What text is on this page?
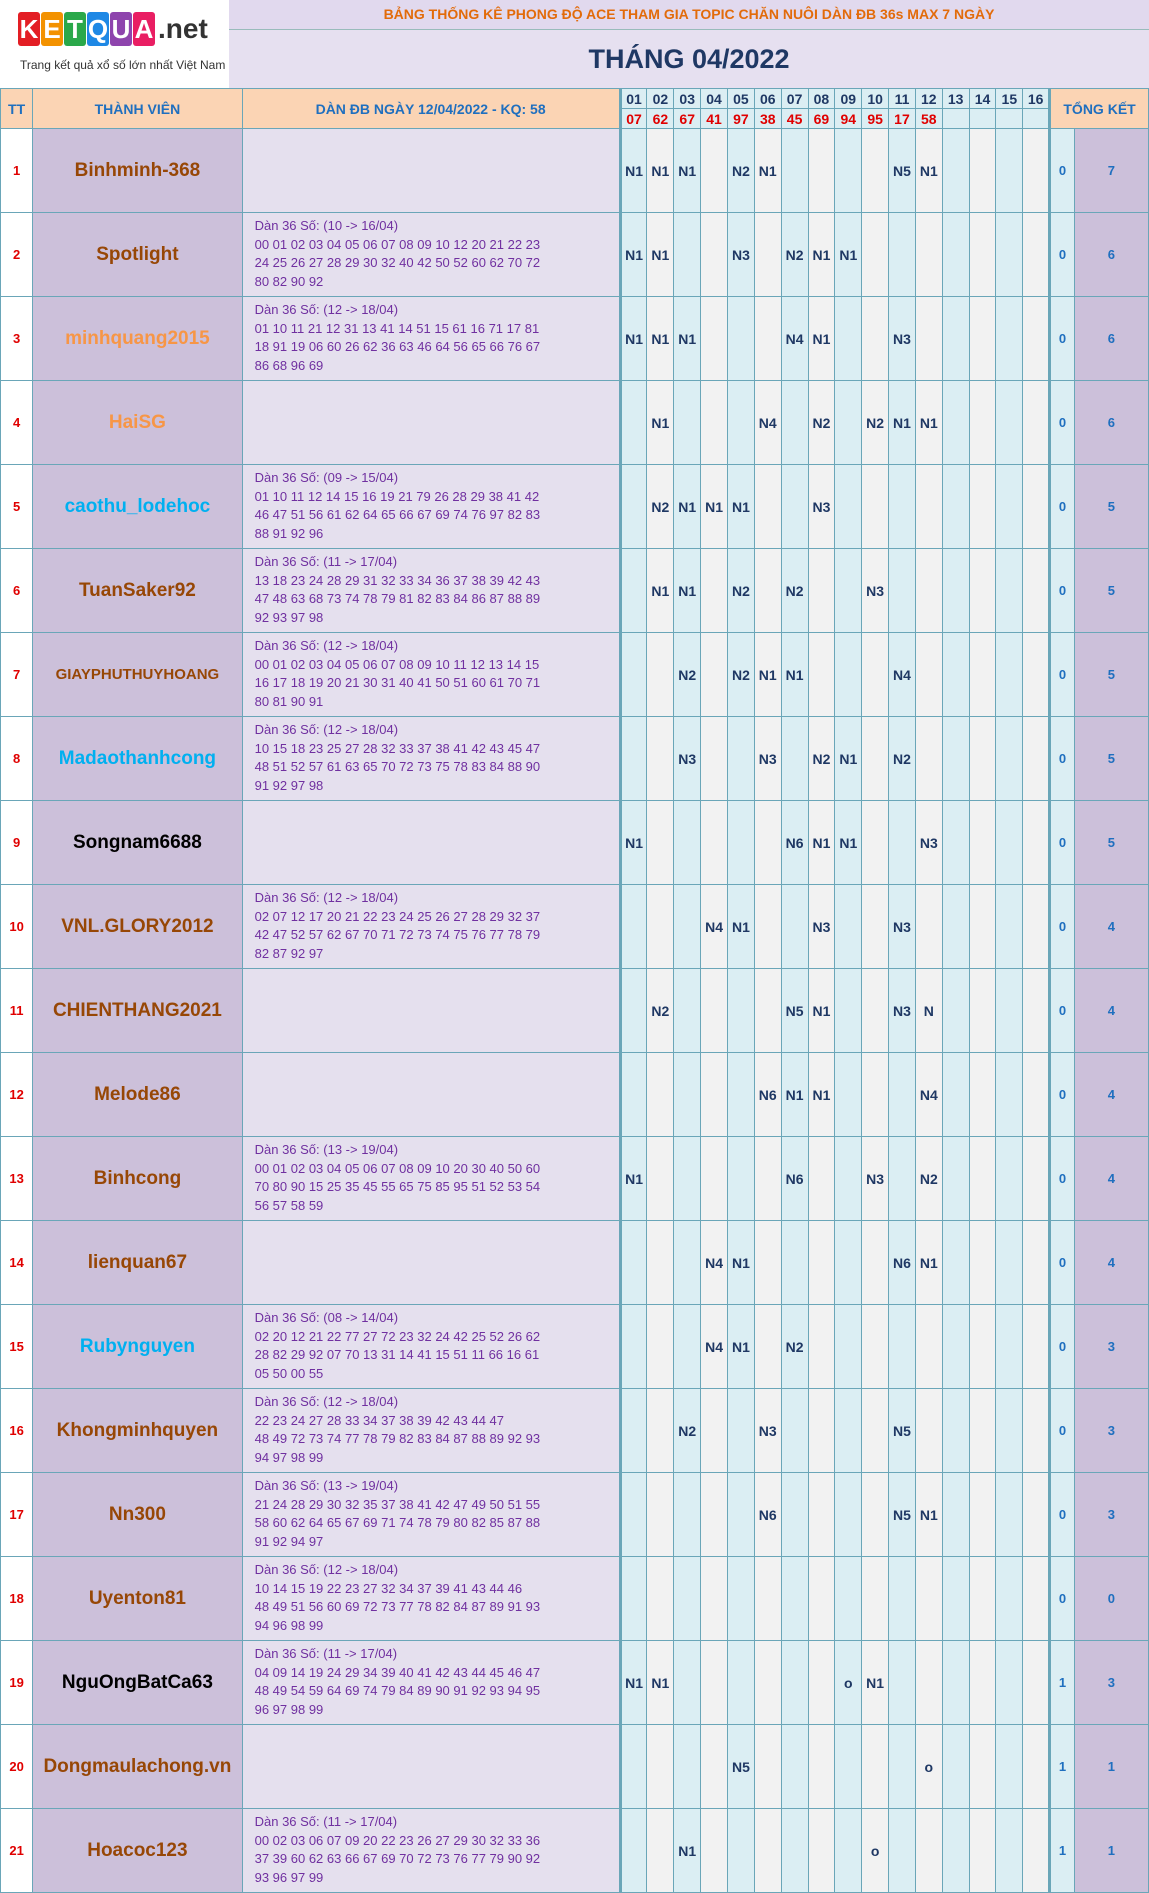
K E T Q U A .net
Trang kết quả xổ số lớn nhất Việt Nam
BẢNG THỐNG KÊ PHONG ĐỘ ACE THAM GIA TOPIC CHĂN NUÔI DÀN ĐB 36s MAX 7 NGÀY
THÁNG 04/2022
TT	THÀNH VIÊN	DÀN ĐB NGÀY 12/04/2022 - KQ: 58	01	02	03	04	05	06	07	08	09	10	11	12	13	14	15	16	TỔNG KẾT	
			07	62	67	41	97	38	45	69	94	95	17	58						
1	Binhminh-368		N1	N1	N1		N2	N1					N5	N1					0	7
2	Spotlight	Dàn 36 Số: (10 -> 16/04)
00 01 02 03 04 05 06 07 08 09 10 12 20 21 22 23
24 25 26 27 28 29 30 32 40 42 50 52 60 62 70 72
80 82 90 92	N1	N1			N3		N2	N1	N1								0	6
3	minhquang2015	Dàn 36 Số: (12 -> 18/04)
01 10 11 21 12 31 13 41 14 51 15 61 16 71 17 81
18 91 19 06 60 26 62 36 63 46 64 56 65 66 76 67
86 68 96 69	N1	N1	N1				N4	N1			N3						0	6
4	HaiSG			N1				N4		N2		N2	N1	N1					0	6
5	caothu_lodehoc	Dàn 36 Số: (09 -> 15/04)
01 10 11 12 14 15 16 19 21 79 26 28 29 38 41 42
46 47 51 56 61 62 64 65 66 67 69 74 76 97 82 83
88 91 92 96		N2	N1	N1	N1			N3									0	5
6	TuanSaker92	Dàn 36 Số: (11 -> 17/04)
13 18 23 24 28 29 31 32 33 34 36 37 38 39 42 43
47 48 63 68 73 74 78 79 81 82 83 84 86 87 88 89
92 93 97 98		N1	N1		N2		N2			N3							0	5
7	GIAYPHUTHUYHOANG	Dàn 36 Số: (12 -> 18/04)
00 01 02 03 04 05 06 07 08 09 10 11 12 13 14 15
16 17 18 19 20 21 30 31 40 41 50 51 60 61 70 71
80 81 90 91			N2		N2	N1	N1				N4						0	5
8	Madaothanhcong	Dàn 36 Số: (12 -> 18/04)
10 15 18 23 25 27 28 32 33 37 38 41 42 43 45 47
48 51 52 57 61 63 65 70 72 73 75 78 83 84 88 90
91 92 97 98			N3			N3		N2	N1		N2						0	5
9	Songnam6688		N1						N6	N1	N1			N3					0	5
10	VNL.GLORY2012	Dàn 36 Số: (12 -> 18/04)
02 07 12 17 20 21 22 23 24 25 26 27 28 29 32 37
42 47 52 57 62 67 70 71 72 73 74 75 76 77 78 79
82 87 92 97				N4	N1			N3			N3						0	4
11	CHIENTHANG2021			N2					N5	N1			N3	N					0	4
12	Melode86							N6	N1	N1				N4					0	4
13	Binhcong	Dàn 36 Số: (13 -> 19/04)
00 01 02 03 04 05 06 07 08 09 10 20 30 40 50 60
70 80 90 15 25 35 45 55 65 75 85 95 51 52 53 54
56 57 58 59	N1						N6			N3		N2					0	4
14	lienquan67					N4	N1						N6	N1					0	4
15	Rubynguyen	Dàn 36 Số: (08 -> 14/04)
02 20 12 21 22 77 27 72 23 32 24 42 25 52 26 62
28 82 29 92 07 70 13 31 14 41 15 51 11 66 16 61
05 50 00 55				N4	N1		N2										0	3
16	Khongminhquyen	Dàn 36 Số: (12 -> 18/04)
22 23 24 27 28 33 34 37 38 39 42 43 44 47
48 49 72 73 74 77 78 79 82 83 84 87 88 89 92 93
94 97 98 99			N2			N3					N5						0	3
17	Nn300	Dàn 36 Số: (13 -> 19/04)
21 24 28 29 30 32 35 37 38 41 42 47 49 50 51 55
58 60 62 64 65 67 69 71 74 78 79 80 82 85 87 88
91 92 94 97						N6					N5	N1					0	3
18	Uyenton81	Dàn 36 Số: (12 -> 18/04)
10 14 15 19 22 23 27 32 34 37 39 41 43 44 46
48 49 51 56 60 69 72 73 77 78 82 84 87 89 91 93
94 96 98 99																	0	0
19	NguOngBatCa63	Dàn 36 Số: (11 -> 17/04)
04 09 14 19 24 29 34 39 40 41 42 43 44 45 46 47
48 49 54 59 64 69 74 79 84 89 90 91 92 93 94 95
96 97 98 99	N1	N1							o	N1							1	3
20	Dongmaulachong.vn						N5							o					1	1
21	Hoacoc123	Dàn 36 Số: (11 -> 17/04)
00 02 03 06 07 09 20 22 23 26 27 29 30 32 33 36
37 39 60 62 63 66 67 69 70 72 73 76 77 79 90 92
93 96 97 99			N1							o							1	1
